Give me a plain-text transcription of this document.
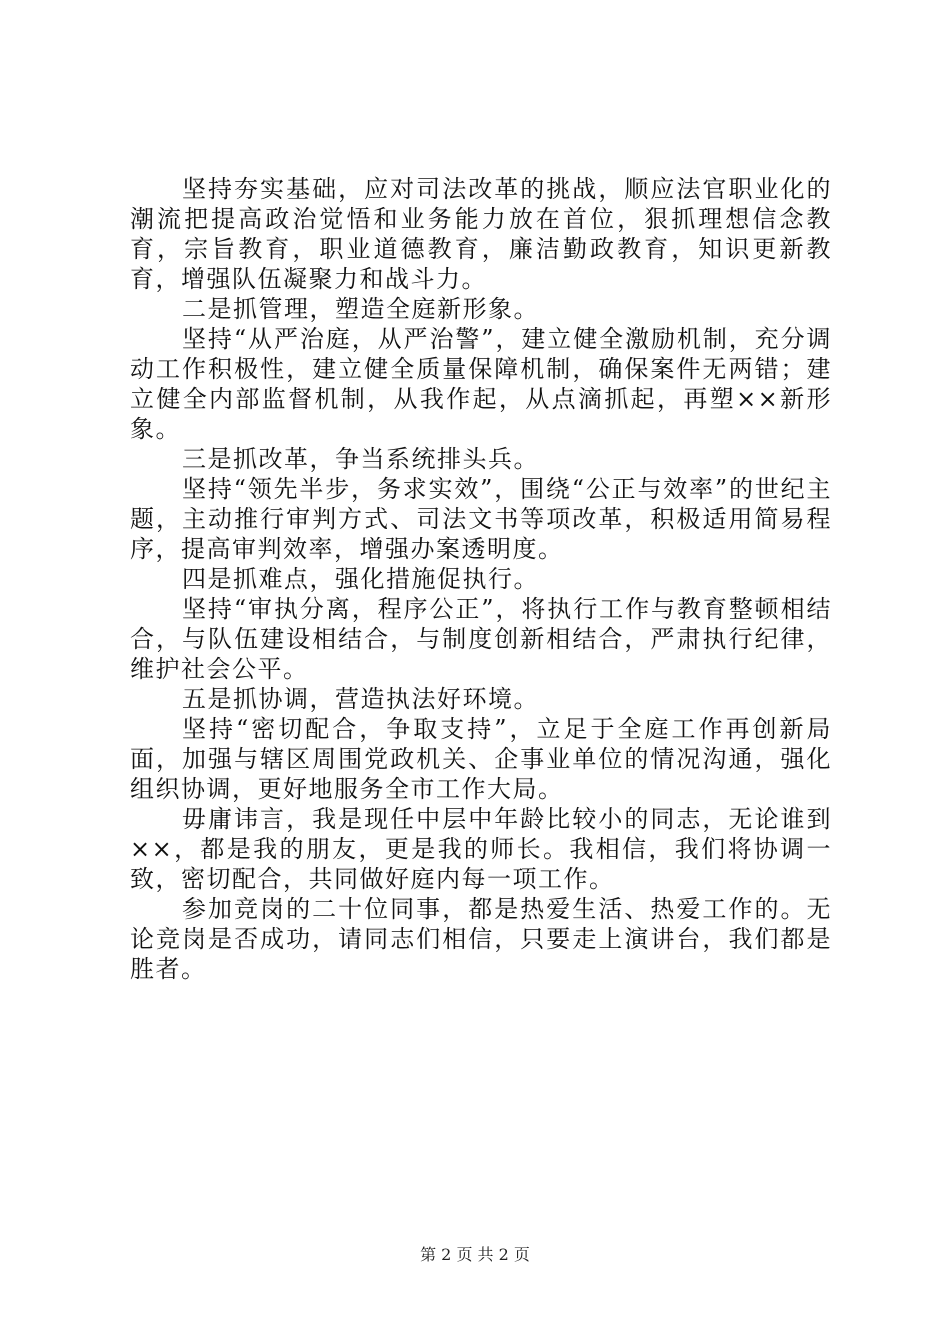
坚持夯实基础，应对司法改革的挑战，顺应法官职业化的潮流把提高政治觉悟和业务能力放在首位，狠抓理想信念教育，宗旨教育，职业道德教育，廉洁勤政教育，知识更新教育，增强队伍凝聚力和战斗力。

二是抓管理，塑造全庭新形象。

坚持“从严治庭，从严治警”，建立健全激励机制，充分调动工作积极性，建立健全质量保障机制，确保案件无两错；建立健全内部监督机制，从我作起，从点滴抓起，再塑××新形象。

三是抓改革，争当系统排头兵。

坚持“领先半步，务求实效”，围绕“公正与效率”的世纪主题，主动推行审判方式、司法文书等项改革，积极适用简易程序，提高审判效率，增强办案透明度。

四是抓难点，强化措施促执行。

坚持“审执分离，程序公正”，将执行工作与教育整顿相结合，与队伍建设相结合，与制度创新相结合，严肃执行纪律，维护社会公平。

五是抓协调，营造执法好环境。

坚持“密切配合，争取支持”，立足于全庭工作再创新局面，加强与辖区周围党政机关、企事业单位的情况沟通，强化组织协调，更好地服务全市工作大局。

毋庸讳言，我是现任中层中年龄比较小的同志，无论谁到××，都是我的朋友，更是我的师长。我相信，我们将协调一致，密切配合，共同做好庭内每一项工作。

参加竞岗的二十位同事，都是热爱生活、热爱工作的。无论竞岗是否成功，请同志们相信，只要走上演讲台，我们都是胜者。

第 2 页 共 2 页
